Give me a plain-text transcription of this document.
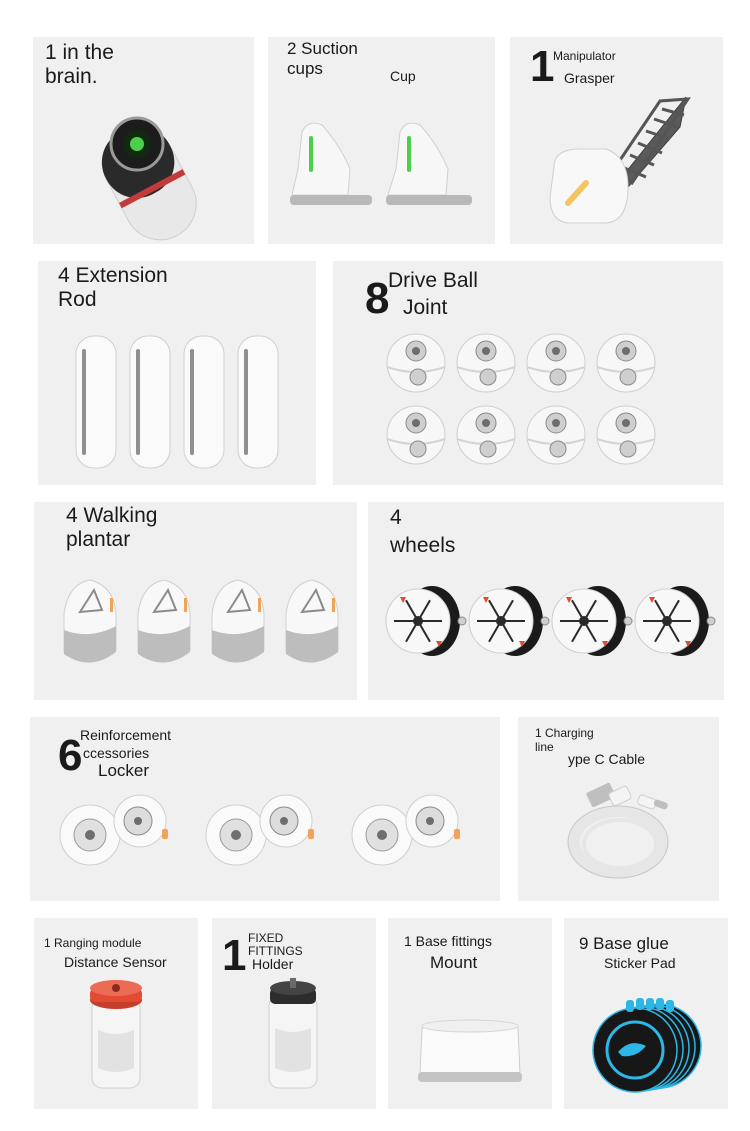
1 in the
brain.
2 Suction
cups	Cup	1
Manipulator
Grasper
4 Extension
Rod	8
Drive Ball
Joint
4 Walking
plantar
4
wheels
6
Reinforcement
ccessories
Locker
1 Charging
line
ype C Cable
1 Ranging module
Distance Sensor 1 FIXED
FITTINGS
Holder
1 Base fittings
Mount
9 Base glue
Sticker Pad
